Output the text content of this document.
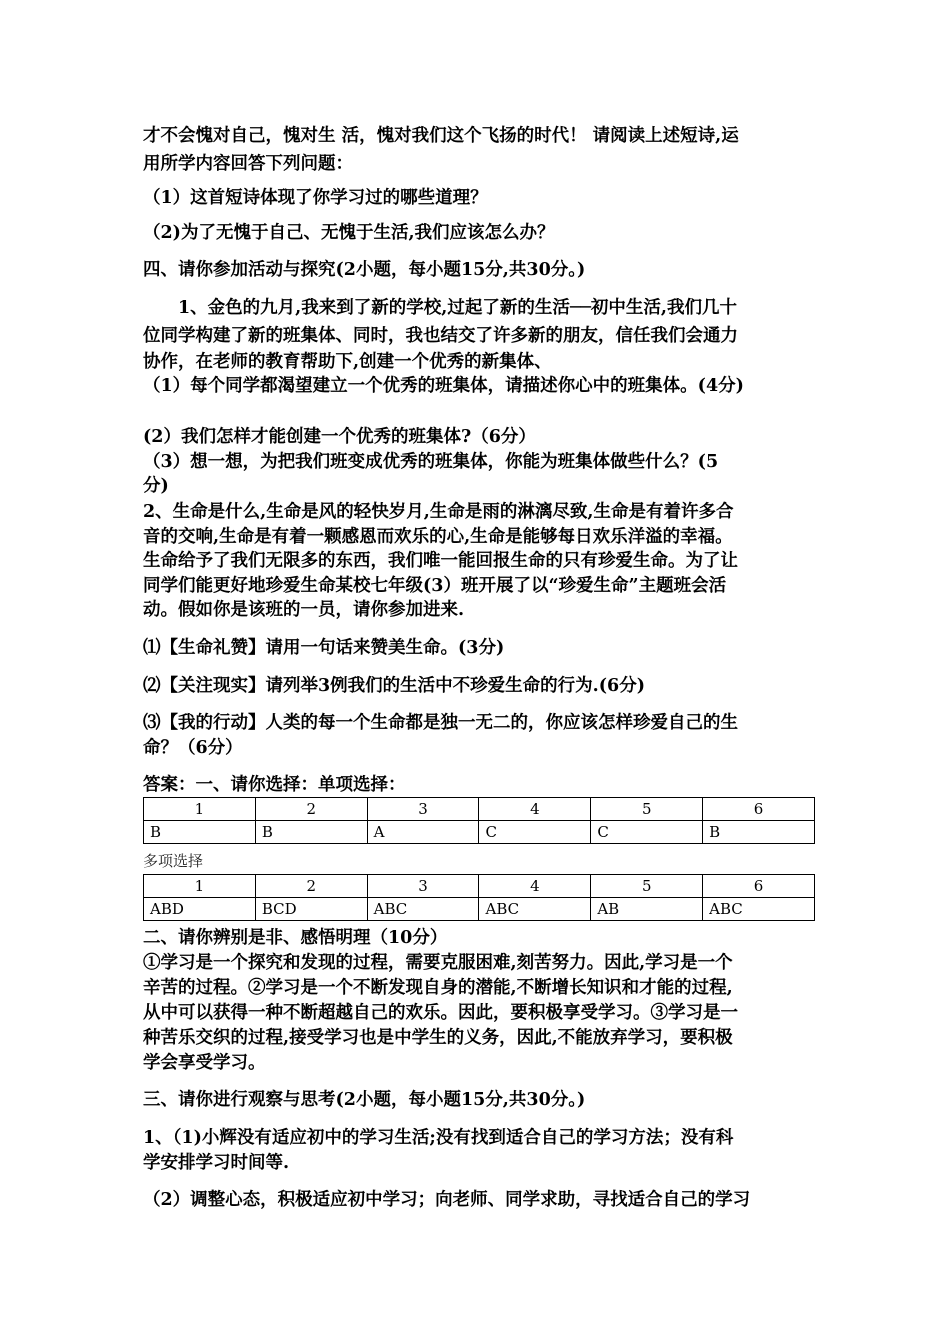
才不会愧对自己，愧对生 活，愧对我们这个飞扬的时代！ 请阅读上述短诗,运
用所学内容回答下列问题：
（1）这首短诗体现了你学习过的哪些道理？
（2)为了无愧于自己、无愧于生活,我们应该怎么办？
四、请你参加活动与探究(2小题，每小题15分,共30分。)
1、金色的九月,我来到了新的学校,过起了新的生活──初中生活,我们几十
位同学构建了新的班集体、同时，我也结交了许多新的朋友，信任我们会通力
协作，在老师的教育帮助下,创建一个优秀的新集体、
（1）每个同学都渴望建立一个优秀的班集体，请描述你心中的班集体。(4分)
(2）我们怎样才能创建一个优秀的班集体?（6分）
（3）想一想，为把我们班变成优秀的班集体，你能为班集体做些什么？(5
分)
2、生命是什么,生命是风的轻快岁月,生命是雨的淋漓尽致,生命是有着许多合
音的交响,生命是有着一颗感恩而欢乐的心,生命是能够每日欢乐洋溢的幸福。
生命给予了我们无限多的东西，我们唯一能回报生命的只有珍爱生命。为了让
同学们能更好地珍爱生命某校七年级(3）班开展了以“珍爱生命”主题班会活
动。假如你是该班的一员，请你参加进来.
⑴【生命礼赞】请用一句话来赞美生命。(3分)
⑵【关注现实】请列举3例我们的生活中不珍爱生命的行为.(6分)
⑶【我的行动】人类的每一个生命都是独一无二的，你应该怎样珍爱自己的生
命？（6分）
答案：一、请你选择：单项选择：
1	2	3	4	5	6
B	B	A	C	C	B
多项选择
1	2	3	4	5	6
ABD	BCD	ABC	ABC	AB	ABC
二、请你辨别是非、感悟明理（10分）
①学习是一个探究和发现的过程，需要克服困难,刻苦努力。因此,学习是一个
辛苦的过程。②学习是一个不断发现自身的潜能,不断增长知识和才能的过程,
从中可以获得一种不断超越自己的欢乐。因此，要积极享受学习。③学习是一
种苦乐交织的过程,接受学习也是中学生的义务，因此,不能放弃学习，要积极
学会享受学习。
三、请你进行观察与思考(2小题，每小题15分,共30分。)
1、（1)小辉没有适应初中的学习生活;没有找到适合自己的学习方法；没有科
学安排学习时间等.
（2）调整心态，积极适应初中学习；向老师、同学求助，寻找适合自己的学习
